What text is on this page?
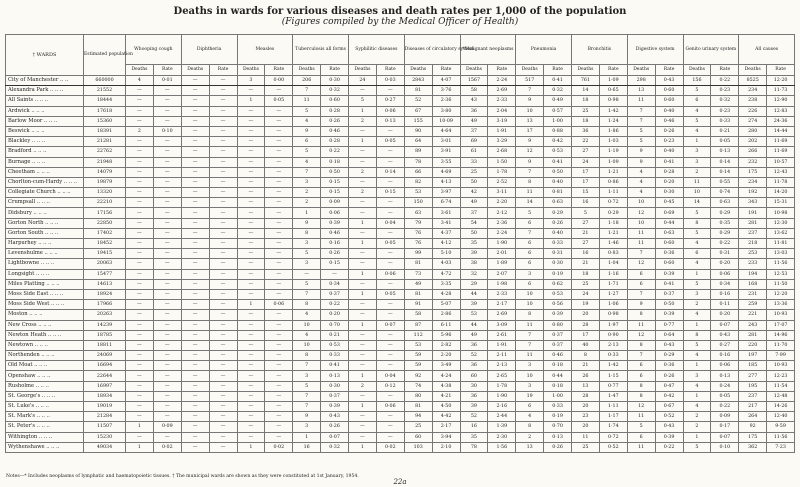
Deaths in wards for various diseases and death rates per 1,000 of the population
(Figures compiled by the Medical Officer of Health)
† WARDS	Estimated population	Whooping cough		Diphtheria		Measles		Tuberculosis all forms		Syphilitic diseases		Diseases of circulatory system		*Malignant neoplasms		Pneumonia		Bronchitis		Digestive system		Genito urinary system		All causes	
		Deaths	Rate	Deaths	Rate	Deaths	Rate	Deaths	Rate	Deaths	Rate	Deaths	Rate	Deaths	Rate	Deaths	Rate	Deaths	Rate	Deaths	Rate	Deaths	Rate	Deaths	Rate
City of Manchester .. ..	660000	4	0·01	—	—	3	0·00	206	0·30	24	0·03	2843	4·07	1567	2·24	517	0·41	761	1·09	298	0·43	156	0·22	8525	12·20
Alexandra Park .. .. ..	21552	—	—	—	—	—	—	7	0·32	—	—	81	3·76	58	2·69	7	0·32	14	0·65	13	0·60	5	0·23	234	11·73
All Saints .. .. ..	18444	—	—	—	—	1	0·05	11	0·60	5	0·27	52	2·36	43	2·33	9	0·49	18	0·98	11	0·60	6	0·32	238	12·90
Ardwick .. .. ..	17618	—	—	—	—	—	—	5	0·28	1	0·06	67	3·80	36	2·04	10	0·57	25	1·42	7	0·40	4	0·23	226	12·83
Barlow Moor .. .. ..	15360	—	—	—	—	—	—	4	0·26	2	0·13	155	10·09	49	3·19	13	1·00	18	1·24	7	0·46	5	0·33	274	24·36
Beswick .. .. ..	18391	2	0·10	—	—	—	—	9	0·46	—	—	90	4·64	37	1·91	17	0·88	36	1·86	5	0·26	4	0·21	280	14·44
Blackley .. .. ..	21281	—	—	—	—	—	—	6	0·28	1	0·05	64	3·01	69	3·29	9	0·42	22	1·03	5	0·23	1	0·05	202	11·69
Bradford .. .. ..	22762	—	—	—	—	—	—	5	0·22	—	—	89	3·91	61	2·68	12	0·53	27	1·19	9	0·40	3	0·13	266	11·69
Burnage .. .. ..	21948	—	—	—	—	—	—	4	0·18	—	—	78	3·55	33	1·50	9	0·41	24	1·09	9	0·41	3	0·14	232	10·57
Cheetham .. .. ..	14079	—	—	—	—	—	—	7	0·50	2	0·14	66	4·69	25	1·78	7	0·50	17	1·21	4	0·28	2	0·14	175	12·43
Chorlton-cum-Hardy .. .. ..	19879	—	—	—	—	—	—	3	0·15	—	—	82	4·13	50	2·52	8	0·40	17	0·86	4	0·20	11	0·55	234	11·78
Collegiate Church .. .. ..	13320	—	—	—	—	—	—	2	0·15	2	0·15	53	3·97	42	3·11	11	0·81	15	1·11	4	0·30	10	0·74	192	14·20
Crumpsall .. .. ..	22210	—	—	—	—	—	—	2	0·09	—	—	150	6·74	49	2·20	14	0·63	16	0·72	10	0·45	14	0·63	343	15·31
Didsbury .. .. ..	17156	—	—	—	—	—	—	1	0·06	—	—	63	3·61	37	2·12	5	0·29	5	0·29	12	0·69	5	0·29	191	10·98
Gorton North .. .. ..	22850	—	—	—	—	—	—	9	0·39	1	0·04	79	3·41	54	2·36	6	0·26	27	1·18	10	0·44	8	0·35	281	12·30
Gorton South .. .. ..	17402	—	—	—	—	—	—	8	0·46	—	—	76	4·37	50	2·24	7	0·40	21	1·21	11	0·63	5	0·29	237	13·62
Harpurhey .. .. ..	18452	—	—	—	—	—	—	3	0·16	1	0·05	76	4·12	35	1·90	6	0·33	27	1·46	11	0·60	4	0·22	218	11·81
Levenshulme .. .. ..	19415	—	—	—	—	—	—	5	0·26	—	—	99	5·10	39	2·01	6	0·31	16	0·83	7	0·36	6	0·31	253	13·03
Lightbowne .. .. ..	20063	—	—	—	—	—	—	3	0·15	—	—	81	4·03	38	1·89	6	0·30	21	1·04	12	0·60	4	0·20	233	11·56
Longsight .. .. ..	15477	—	—	—	—	—	—	—	—	1	0·06	73	4·72	32	2·07	3	0·19	18	1·16	6	0·39	1	0·06	194	12·53
Miles Platting .. .. ..	14613	—	—	—	—	—	—	5	0·34	—	—	49	3·35	29	1·98	6	0·62	25	1·71	6	0·41	5	0·34	168	11·50
Moss Side East .. .. ..	18924	—	—	—	—	—	—	7	0·37	1	0·05	81	4·28	44	2·33	10	0·53	24	1·27	7	0·37	3	0·16	231	12·20
Moss Side West .. .. ..	17966	—	—	—	—	1	0·06	8	0·22	—	—	91	5·07	39	2·17	10	0·56	19	1·06	9	0·50	2	0·11	259	13·36
Moston .. .. ..	20263	—	—	—	—	—	—	4	0·20	—	—	58	2·86	53	2·69	8	0·39	20	0·98	8	0·39	4	0·20	221	10·93
New Cross .. .. ..	14239	—	—	—	—	—	—	10	0·70	1	0·07	87	6·11	44	3·09	11	0·80	28	1·97	11	0·77	1	0·07	243	17·07
Newton Heath .. .. ..	18785	—	—	—	—	—	—	4	0·21	—	—	112	5·96	49	2·61	7	0·37	17	0·90	12	0·64	8	0·43	281	14·96
Newtown .. .. ..	18811	—	—	—	—	—	—	10	0·53	—	—	53	2·82	36	1·91	7	0·37	40	2·13	8	0·43	5	0·27	220	11·70
Northenden .. .. ..	24069	—	—	—	—	—	—	8	0·33	—	—	59	2·20	52	2·11	11	0·46	8	0·33	7	0·29	4	0·16	197	7·99
Old Moat .. .. ..	16694	—	—	—	—	—	—	7	0·41	—	—	59	3·49	36	2·13	3	0·18	21	1·42	6	0·36	1	0·06	185	10·93
Openshaw .. .. ..	22644	—	—	—	—	—	—	3	0·13	1	0·04	92	4·24	60	2·65	10	0·44	26	1·15	6	0·26	3	0·13	277	12·23
Rusholme .. .. ..	16997	—	—	—	—	—	—	5	0·30	2	0·12	74	4·38	30	1·78	3	0·18	13	0·77	8	0·47	4	0·24	195	11·54
St. George's .. .. ..	18934	—	—	—	—	—	—	7	0·37	—	—	80	4·21	36	1·90	19	1·00	28	1·47	8	0·42	1	0·05	237	12·48
St. Luke's .. .. ..	19019	—	—	—	—	—	—	7	0·39	1	0·06	81	4·50	39	2·16	6	0·33	20	1·11	12	0·67	4	0·22	217	14·26
St. Mark's .. .. ..	21284	—	—	—	—	—	—	9	0·43	—	—	94	4·42	52	2·44	4	0·19	23	1·17	11	0·52	2	0·09	264	12·40
St. Peter's .. .. ..	11507	1	0·09	—	—	—	—	3	0·26	—	—	25	2·17	16	1·39	8	0·70	20	1·74	5	0·43	2	0·17	92	9·59
Withington .. .. ..	15230	—	—	—	—	—	—	1	0·07	—	—	60	3·94	35	2·30	2	0·13	11	0·72	6	0·39	1	0·07	175	11·56
Wythenshawe .. .. ..	49034	1	0·02	—	—	1	0·02	16	0·32	1	0·02	103	2·10	78	1·56	13	0·26	25	0·52	11	0·22	5	0·10	362	7·23
Notes—* Includes neoplasms of lymphatic and haematopoietic tissues. † The municipal wards are shown as they were constituted at 1st January, 1954.
22a
